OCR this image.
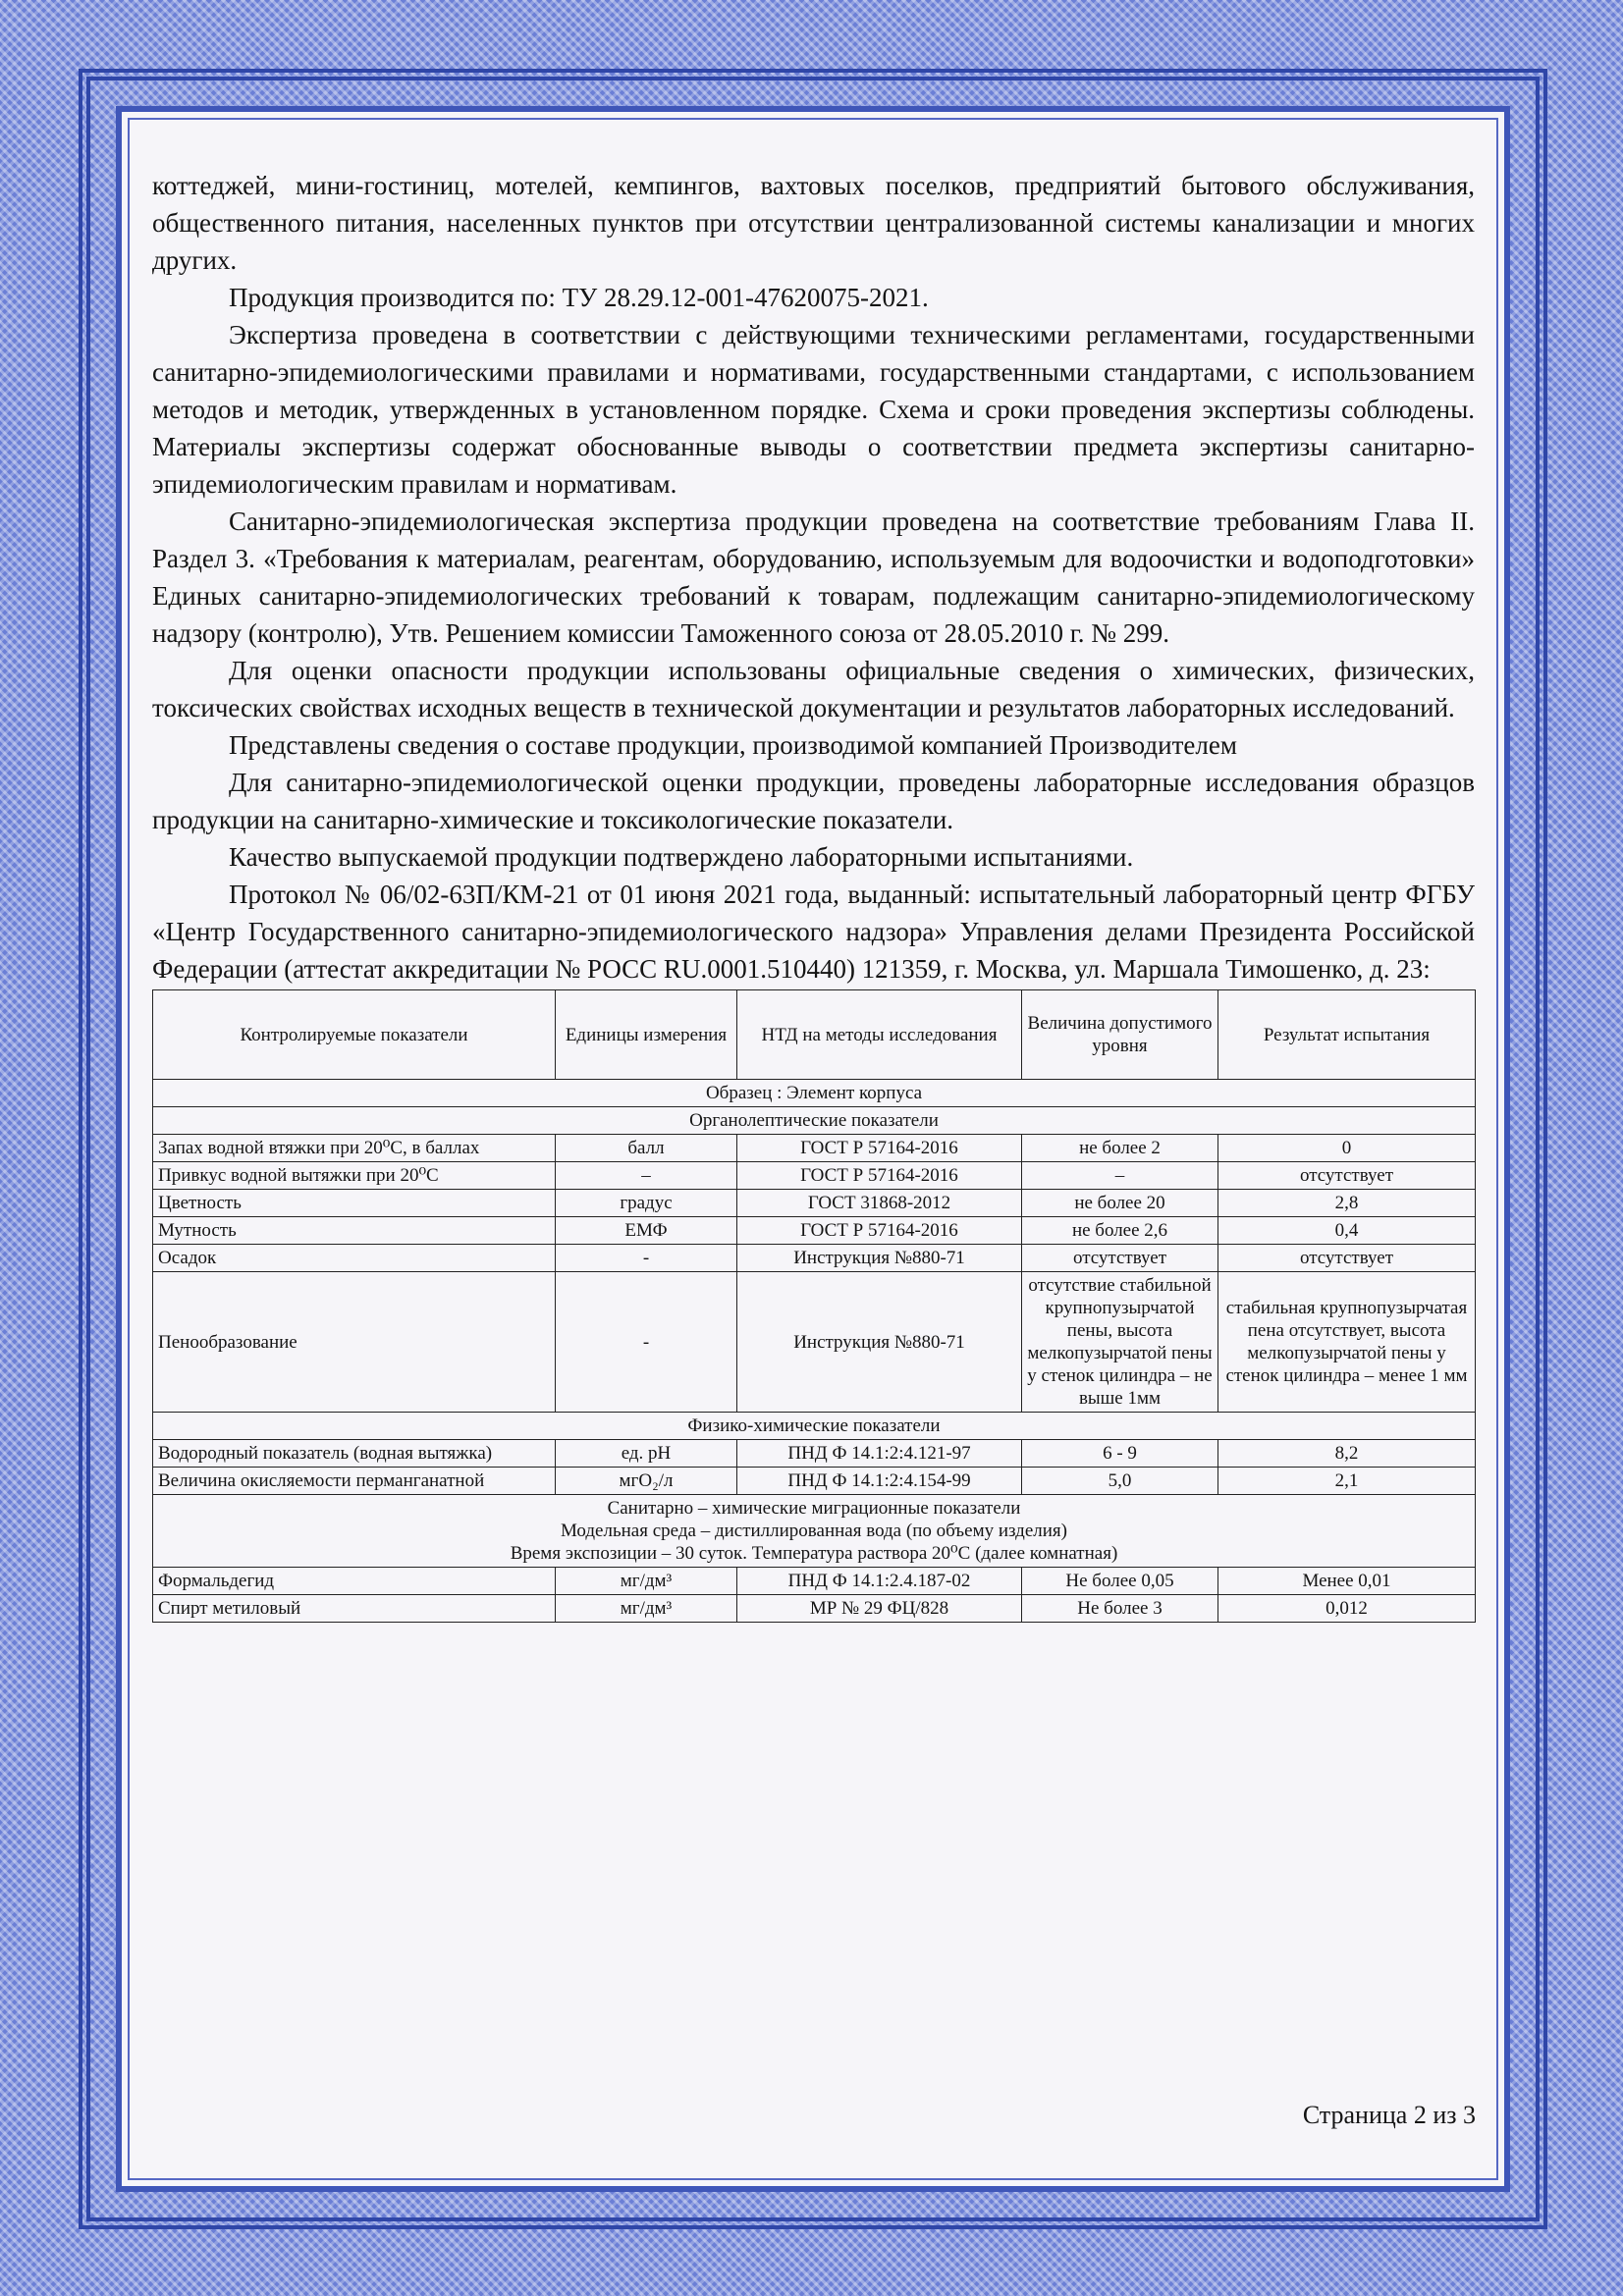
коттеджей, мини-гостиниц, мотелей, кемпингов, вахтовых поселков, предприятий бытового обслуживания, общественного питания, населенных пунктов при отсутствии централизованной системы канализации и многих других.

Продукция производится по: ТУ 28.29.12-001-47620075-2021.

Экспертиза проведена в соответствии с действующими техническими регламентами, государственными санитарно-эпидемиологическими правилами и нормативами, государственными стандартами, с использованием методов и методик, утвержденных в установленном порядке. Схема и сроки проведения экспертизы соблюдены. Материалы экспертизы содержат обоснованные выводы о соответствии предмета экспертизы санитарно-эпидемиологическим правилам и нормативам.

Санитарно-эпидемиологическая экспертиза продукции проведена на соответствие требованиям Глава II. Раздел 3. «Требования к материалам, реагентам, оборудованию, используемым для водоочистки и водоподготовки» Единых санитарно-эпидемиологических требований к товарам, подлежащим санитарно-эпидемиологическому надзору (контролю), Утв. Решением комиссии Таможенного союза от 28.05.2010 г. № 299.

Для оценки опасности продукции использованы официальные сведения о химических, физических, токсических свойствах исходных веществ в технической документации и результатов лабораторных исследований.

Представлены сведения о составе продукции, производимой компанией Производителем

Для санитарно-эпидемиологической оценки продукции, проведены лабораторные исследования образцов продукции на санитарно-химические и токсикологические показатели.

Качество выпускаемой продукции подтверждено лабораторными испытаниями.

Протокол № 06/02-63П/КМ-21 от 01 июня 2021 года, выданный: испытательный лабораторный центр ФГБУ «Центр Государственного санитарно-эпидемиологического надзора» Управления делами Президента Российской Федерации (аттестат аккредитации № РОСС RU.0001.510440) 121359, г. Москва, ул. Маршала Тимошенко, д. 23:

Контролируемые показатели	Единицы измерения	НТД на методы исследования	Величина допустимого уровня	Результат испытания
Образец : Элемент корпуса				
Органолептические показатели				
Запах водной втяжки при 20⁰С, в баллах	балл	ГОСТ Р 57164-2016	не более 2	0
Привкус водной вытяжки при 20⁰С	–	ГОСТ Р 57164-2016	–	отсутствует
Цветность	градус	ГОСТ 31868-2012	не более 20	2,8
Мутность	ЕМФ	ГОСТ Р 57164-2016	не более 2,6	0,4
Осадок	-	Инструкция №880-71	отсутствует	отсутствует
Пенообразование	-	Инструкция №880-71	отсутствие стабильной крупнопузырчатой пены, высота мелкопузырчатой пены у стенок цилиндра – не выше 1мм	стабильная крупнопузырчатая пена отсутствует, высота мелкопузырчатой пены у стенок цилиндра – менее 1 мм
Физико-химические показатели				
Водородный показатель (водная вытяжка)	ед. рН	ПНД Ф 14.1:2:4.121-97	6 - 9	8,2
Величина окисляемости перманганатной	мгО₂/л	ПНД Ф 14.1:2:4.154-99	5,0	2,1

Санитарно – химические миграционные показатели
Модельная среда – дистиллированная вода (по объему изделия)
Время экспозиции – 30 суток. Температура раствора 20⁰С (далее комнатная)				

Формальдегид	мг/дм³	ПНД Ф 14.1:2.4.187-02	Не более 0,05	Менее 0,01
Спирт метиловый	мг/дм³	МР № 29 ФЦ/828	Не более 3	0,012
Страница 2 из 3
